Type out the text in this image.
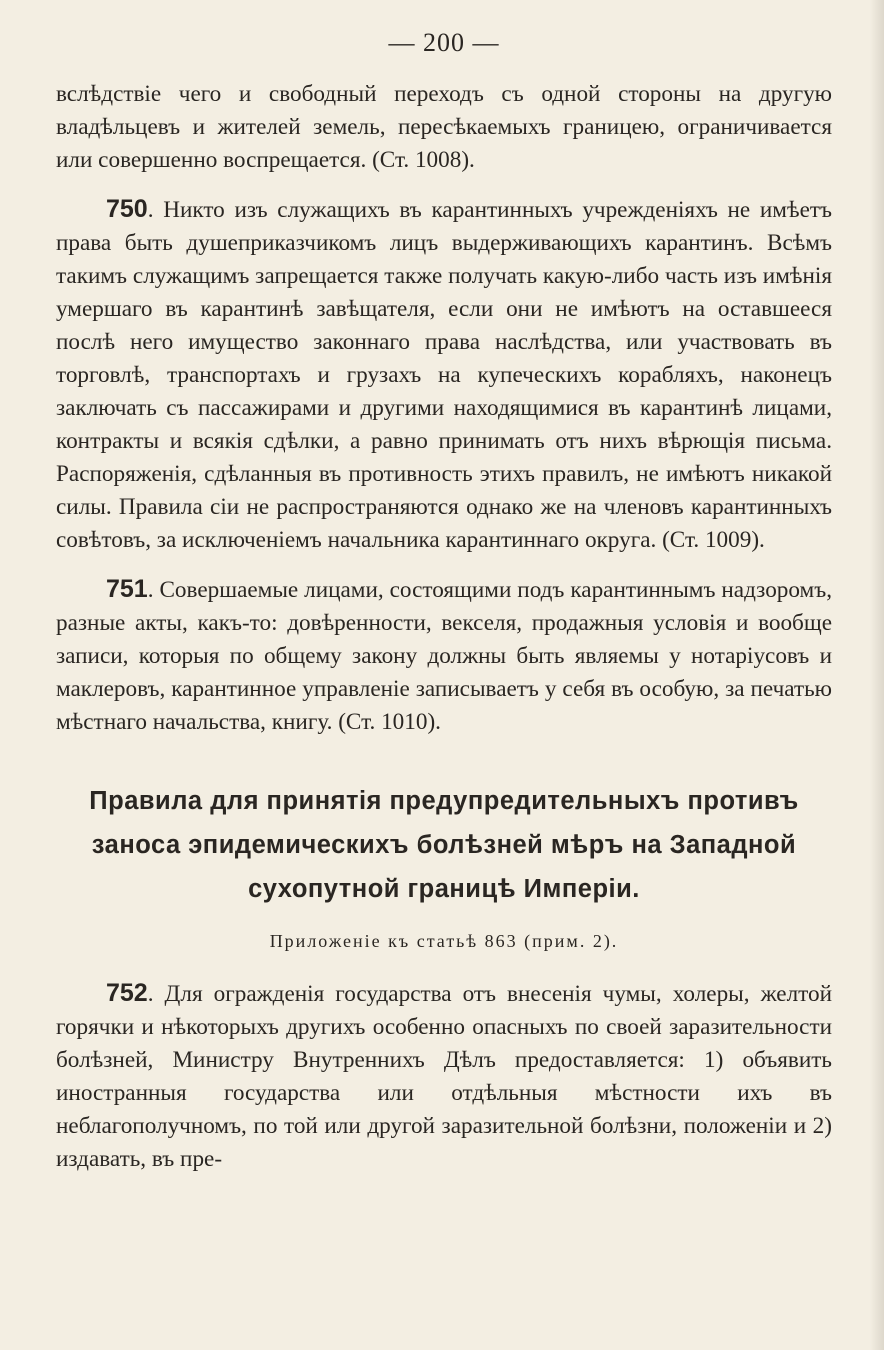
— 200 —

вслѣдствіе чего и свободный переходъ съ одной стороны на другую владѣльцевъ и жителей земель, пересѣкаемыхъ границею, ограничивается или совершенно воспрещается. (Ст. 1008).

750. Никто изъ служащихъ въ карантинныхъ учрежденіяхъ не имѣетъ права быть душеприказчикомъ лицъ выдерживающихъ карантинъ. Всѣмъ такимъ служащимъ запрещается также получать какую-либо часть изъ имѣнія умершаго въ карантинѣ завѣщателя, если они не имѣютъ на оставшееся послѣ него имущество законнаго права наслѣдства, или участвовать въ торговлѣ, транспортахъ и грузахъ на купеческихъ корабляхъ, наконецъ заключать съ пассажирами и другими находящимися въ карантинѣ лицами, контракты и всякія сдѣлки, а равно принимать отъ нихъ вѣрющія письма. Распоряженія, сдѣланныя въ противность этихъ правилъ, не имѣютъ никакой силы. Правила сіи не распространяются однако же на членовъ карантинныхъ совѣтовъ, за исключеніемъ начальника карантиннаго округа. (Ст. 1009).

751. Совершаемые лицами, состоящими подъ карантиннымъ надзоромъ, разные акты, какъ-то: довѣренности, векселя, продажныя условія и вообще записи, которыя по общему закону должны быть являемы у нотаріусовъ и маклеровъ, карантинное управленіе записываетъ у себя въ особую, за печатью мѣстнаго начальства, книгу. (Ст. 1010).

Правила для принятія предупредительныхъ противъ заноса эпидемическихъ болѣзней мѣръ на Западной сухопутной границѣ Имперіи.
Приложеніе къ статьѣ 863 (прим. 2).

752. Для огражденія государства отъ внесенія чумы, холеры, желтой горячки и нѣкоторыхъ другихъ особенно опасныхъ по своей заразительности болѣзней, Министру Внутреннихъ Дѣлъ предоставляется: 1) объявить иностранныя государства или отдѣльныя мѣстности ихъ въ неблагополучномъ, по той или другой заразительной болѣзни, положеніи и 2) издавать, въ пре-
